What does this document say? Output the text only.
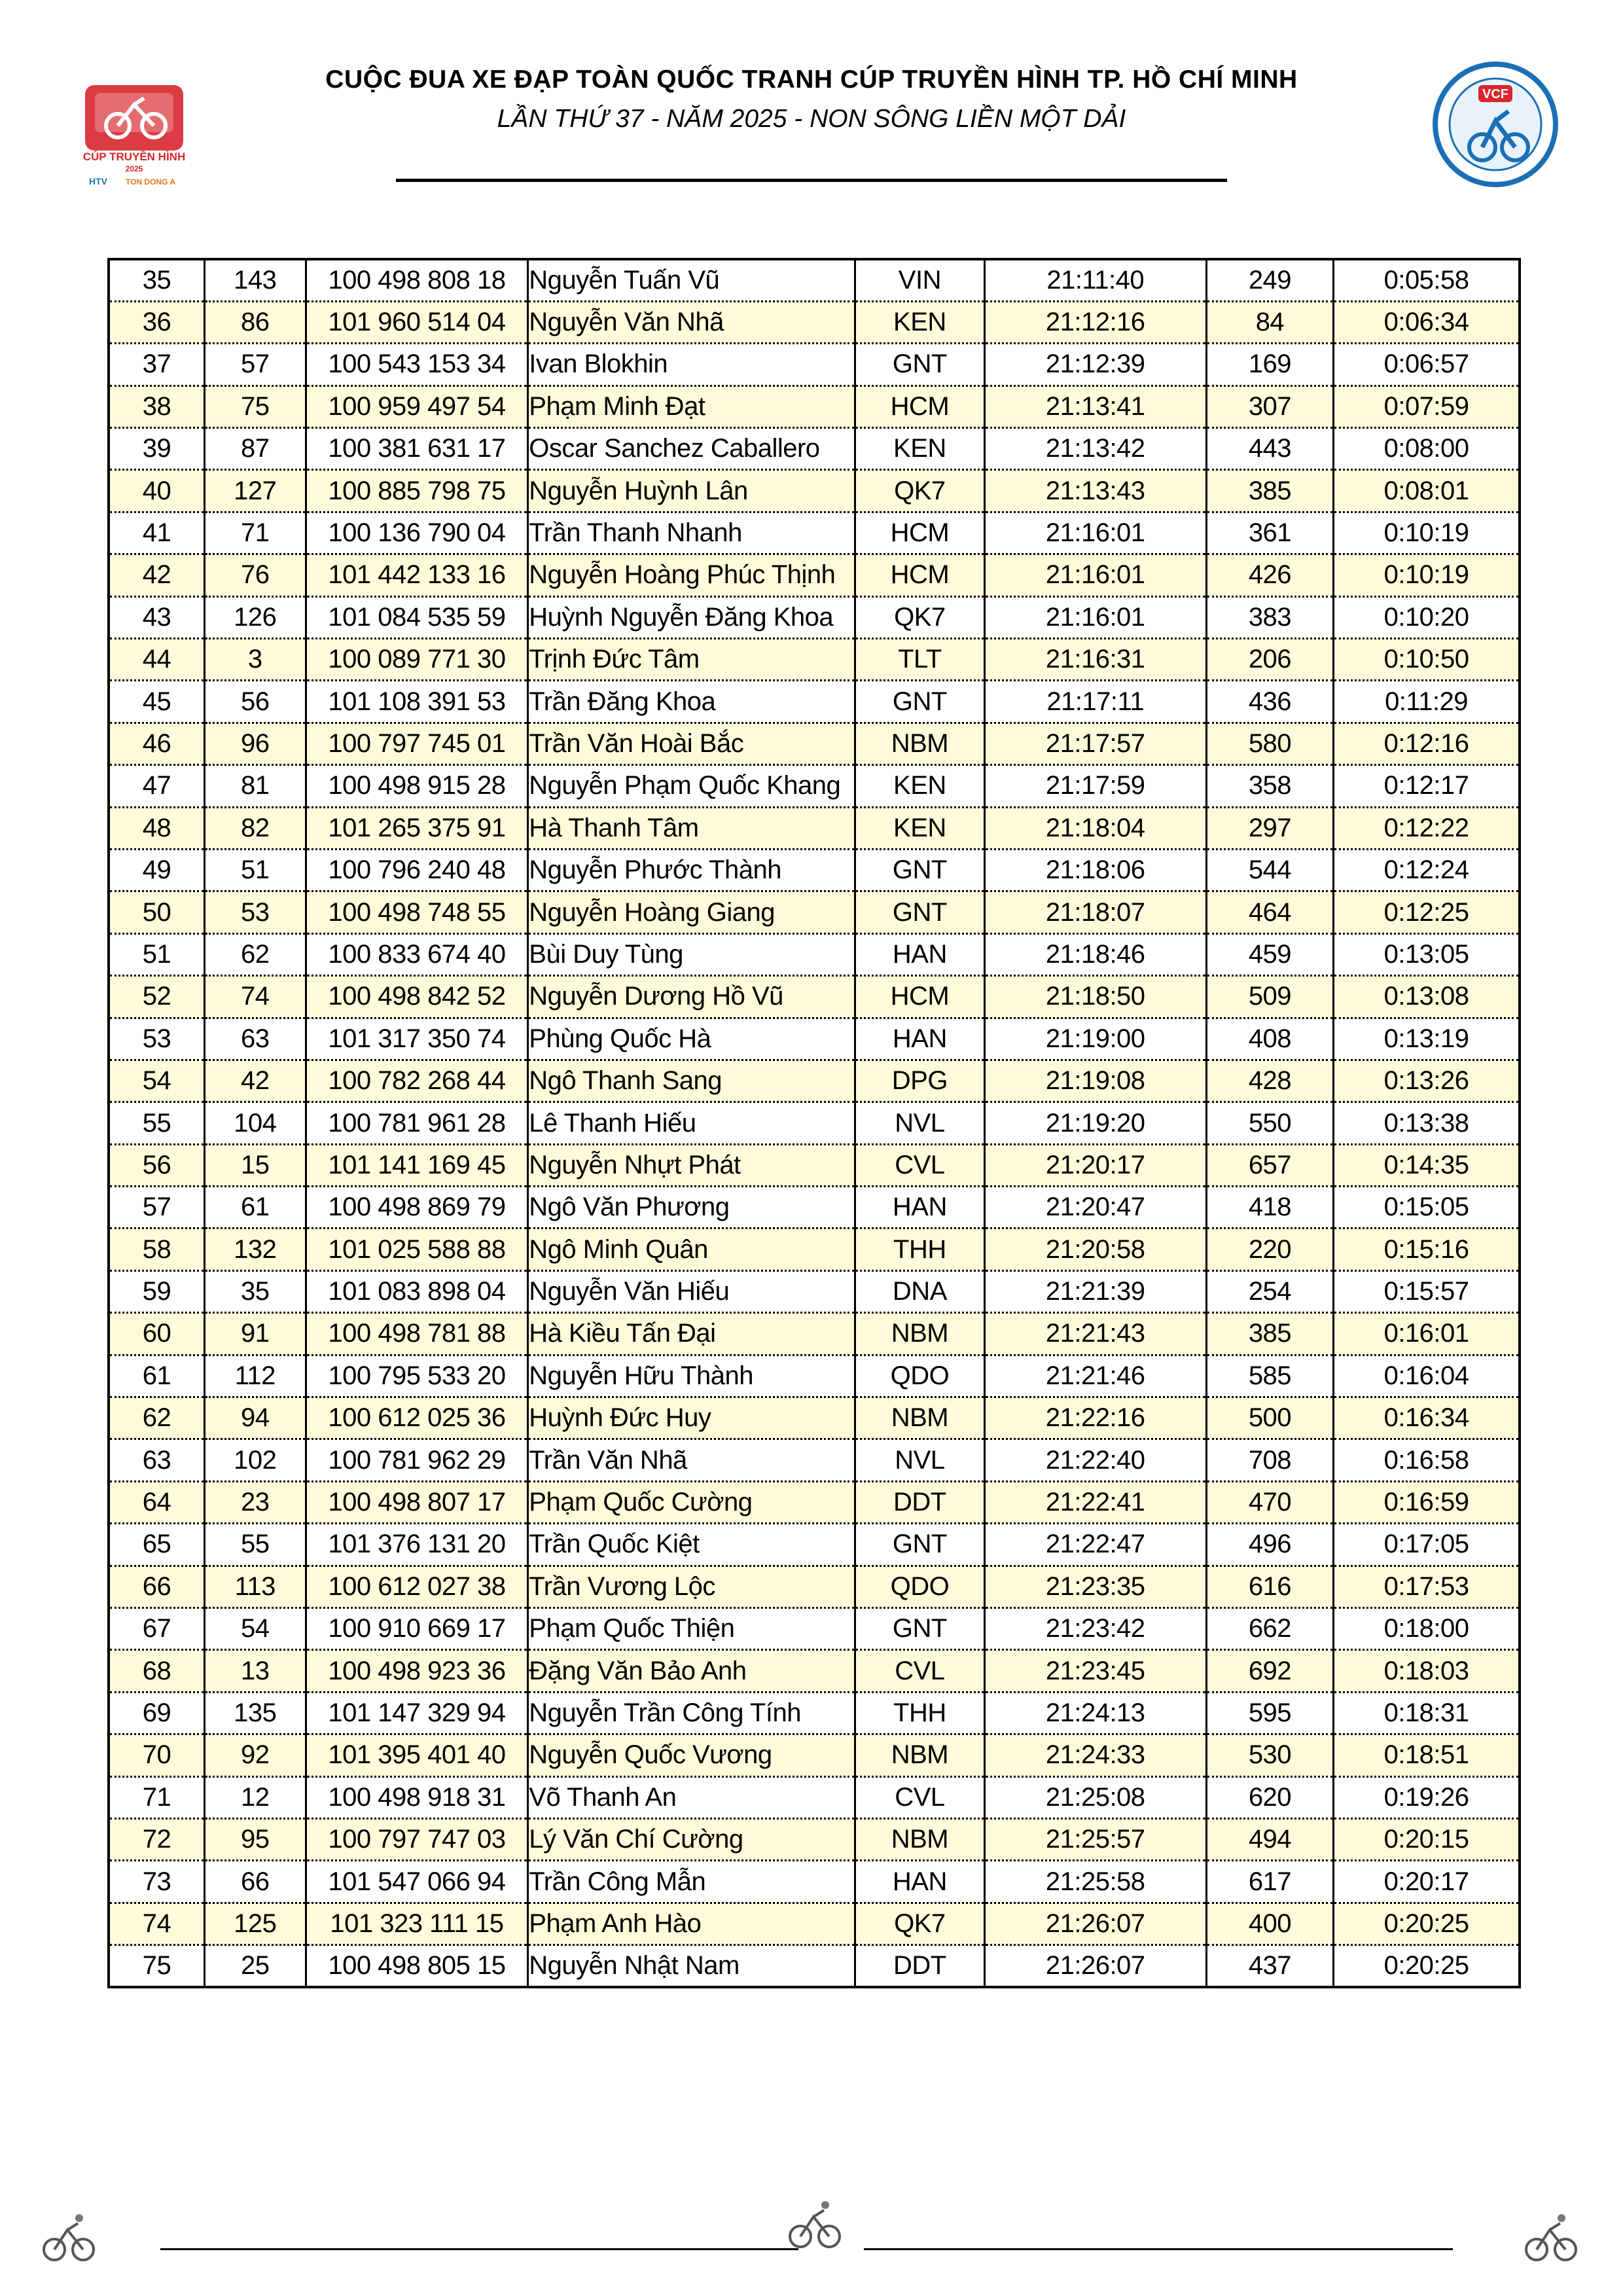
CÚP TRUYỀN HÌNH
2025
HTV TON DONG A
CUỘC ĐUA XE ĐẠP TOÀN QUỐC TRANH CÚP TRUYỀN HÌNH TP. HỒ CHÍ MINH
LẦN THỨ 37 - NĂM 2025 - NON SÔNG LIỀN MỘT DẢI
VCF
35	143	100 498 808 18	Nguyễn Tuấn Vũ	VIN	21:11:40	249	0:05:58
36	86	101 960 514 04	Nguyễn Văn Nhã	KEN	21:12:16	84	0:06:34
37	57	100 543 153 34	Ivan Blokhin	GNT	21:12:39	169	0:06:57
38	75	100 959 497 54	Phạm Minh Đạt	HCM	21:13:41	307	0:07:59
39	87	100 381 631 17	Oscar Sanchez Caballero	KEN	21:13:42	443	0:08:00
40	127	100 885 798 75	Nguyễn Huỳnh Lân	QK7	21:13:43	385	0:08:01
41	71	100 136 790 04	Trần Thanh Nhanh	HCM	21:16:01	361	0:10:19
42	76	101 442 133 16	Nguyễn Hoàng Phúc Thịnh	HCM	21:16:01	426	0:10:19
43	126	101 084 535 59	Huỳnh Nguyễn Đăng Khoa	QK7	21:16:01	383	0:10:20
44	3	100 089 771 30	Trịnh Đức Tâm	TLT	21:16:31	206	0:10:50
45	56	101 108 391 53	Trần Đăng Khoa	GNT	21:17:11	436	0:11:29
46	96	100 797 745 01	Trần Văn Hoài Bắc	NBM	21:17:57	580	0:12:16
47	81	100 498 915 28	Nguyễn Phạm Quốc Khang	KEN	21:17:59	358	0:12:17
48	82	101 265 375 91	Hà Thanh Tâm	KEN	21:18:04	297	0:12:22
49	51	100 796 240 48	Nguyễn Phước Thành	GNT	21:18:06	544	0:12:24
50	53	100 498 748 55	Nguyễn Hoàng Giang	GNT	21:18:07	464	0:12:25
51	62	100 833 674 40	Bùi Duy Tùng	HAN	21:18:46	459	0:13:05
52	74	100 498 842 52	Nguyễn Dương Hồ Vũ	HCM	21:18:50	509	0:13:08
53	63	101 317 350 74	Phùng Quốc Hà	HAN	21:19:00	408	0:13:19
54	42	100 782 268 44	Ngô Thanh Sang	DPG	21:19:08	428	0:13:26
55	104	100 781 961 28	Lê Thanh Hiếu	NVL	21:19:20	550	0:13:38
56	15	101 141 169 45	Nguyễn Nhựt Phát	CVL	21:20:17	657	0:14:35
57	61	100 498 869 79	Ngô Văn Phương	HAN	21:20:47	418	0:15:05
58	132	101 025 588 88	Ngô Minh Quân	THH	21:20:58	220	0:15:16
59	35	101 083 898 04	Nguyễn Văn Hiếu	DNA	21:21:39	254	0:15:57
60	91	100 498 781 88	Hà Kiều Tấn Đại	NBM	21:21:43	385	0:16:01
61	112	100 795 533 20	Nguyễn Hữu Thành	QDO	21:21:46	585	0:16:04
62	94	100 612 025 36	Huỳnh Đức Huy	NBM	21:22:16	500	0:16:34
63	102	100 781 962 29	Trần Văn Nhã	NVL	21:22:40	708	0:16:58
64	23	100 498 807 17	Phạm Quốc Cường	DDT	21:22:41	470	0:16:59
65	55	101 376 131 20	Trần Quốc Kiệt	GNT	21:22:47	496	0:17:05
66	113	100 612 027 38	Trần Vương Lộc	QDO	21:23:35	616	0:17:53
67	54	100 910 669 17	Phạm Quốc Thiện	GNT	21:23:42	662	0:18:00
68	13	100 498 923 36	Đặng Văn Bảo Anh	CVL	21:23:45	692	0:18:03
69	135	101 147 329 94	Nguyễn Trần Công Tính	THH	21:24:13	595	0:18:31
70	92	101 395 401 40	Nguyễn Quốc Vương	NBM	21:24:33	530	0:18:51
71	12	100 498 918 31	Võ Thanh An	CVL	21:25:08	620	0:19:26
72	95	100 797 747 03	Lý Văn Chí Cường	NBM	21:25:57	494	0:20:15
73	66	101 547 066 94	Trần Công Mẫn	HAN	21:25:58	617	0:20:17
74	125	101 323 111 15	Phạm Anh Hào	QK7	21:26:07	400	0:20:25
75	25	100 498 805 15	Nguyễn Nhật Nam	DDT	21:26:07	437	0:20:25
